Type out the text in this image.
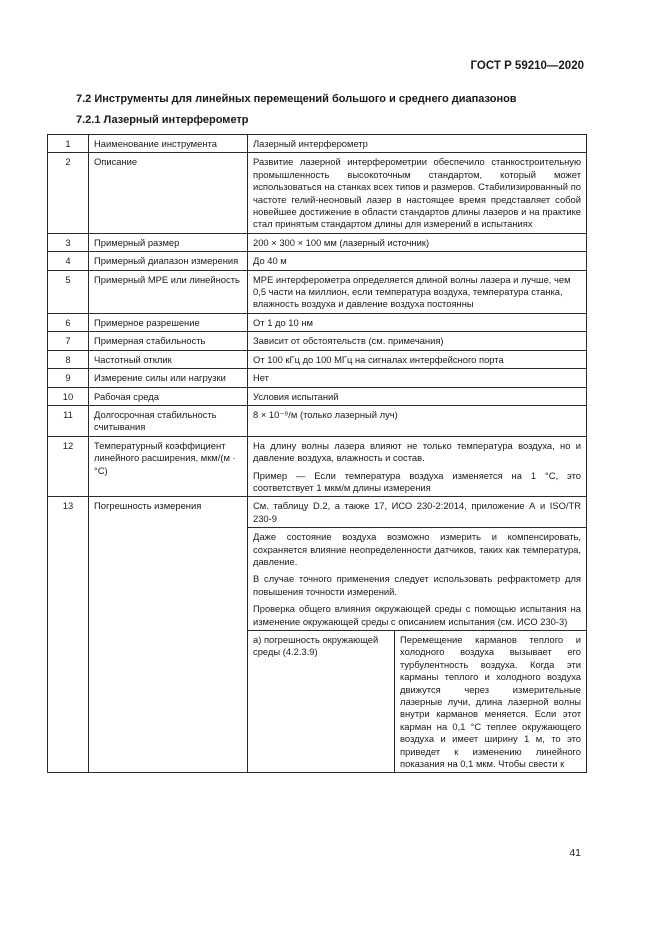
ГОСТ Р 59210—2020
7.2 Инструменты для линейных перемещений большого и среднего диапазонов
7.2.1 Лазерный интерферометр
1	Наименование инструмента	Лазерный интерферометр	
2	Описание	Развитие лазерной интерферометрии обеспечило станкостроительную промышленность высокоточным стандартом, который может использоваться на станках всех типов и размеров. Стабилизированный по частоте гелий-неоновый лазер в настоящее время представляет собой новейшее достижение в области стандартов длины лазеров и на практике стал принятым стандартом длины для измерений в испытаниях	
3	Примерный размер	200 × 300 × 100 мм (лазерный источник)	
4	Примерный диапазон измерения	До 40 м	
5	Примерный МРЕ или линейность	МРЕ интерферометра определяется длиной волны лазера и лучше, чем 0,5 части на миллион, если температура воздуха, температура станка, влажность воздуха и давление воздуха постоянны	
6	Примерное разрешение	От 1 до 10 нм	
7	Примерная стабильность	Зависит от обстоятельств (см. примечания)	
8	Частотный отклик	От 100 кГц до 100 МГц на сигналах интерфейсного порта	
9	Измерение силы или нагрузки	Нет	
10	Рабочая среда	Условия испытаний	
11	Долгосрочная стабильность считывания	8 × 10⁻⁹/м (только лазерный луч)	
12	Температурный коэффициент линейного расширения, мкм/(м · °С)	На длину волны лазера влияют не только температура воздуха, но и давление воздуха, влажность и состав.

Пример — Если температура воздуха изменяется на 1 °С, это соответствует 1 мкм/м длины измерения	

13	Погрешность измерения	См. таблицу D.2, а также 17, ИСО 230-2:2014, приложение А и ISO/TR 230-9	

		Даже состояние воздуха возможно измерить и компенсировать, сохраняется влияние неопределенности датчиков, таких как температура, давление.

В случае точного применения следует использовать рефрактометр для повышения точности измерений.

Проверка общего влияния окружающей среды с помощью испытания на изменение окружающей среды с описанием испытания (см. ИСО 230-3)	

		а) погрешность окружающей среды (4.2.3.9)	Перемещение карманов теплого и холодного воздуха вызывает его турбулентность воздуха. Когда эти карманы теплого и холодного воздуха движутся через измерительные лазерные лучи, длина лазерной волны внутри карманов меняется. Если этот карман на 0,1 °С теплее окружающего воздуха и имеет ширину 1 м, то это приведет к изменению линейного показания на 0,1 мкм. Чтобы свести к
41
